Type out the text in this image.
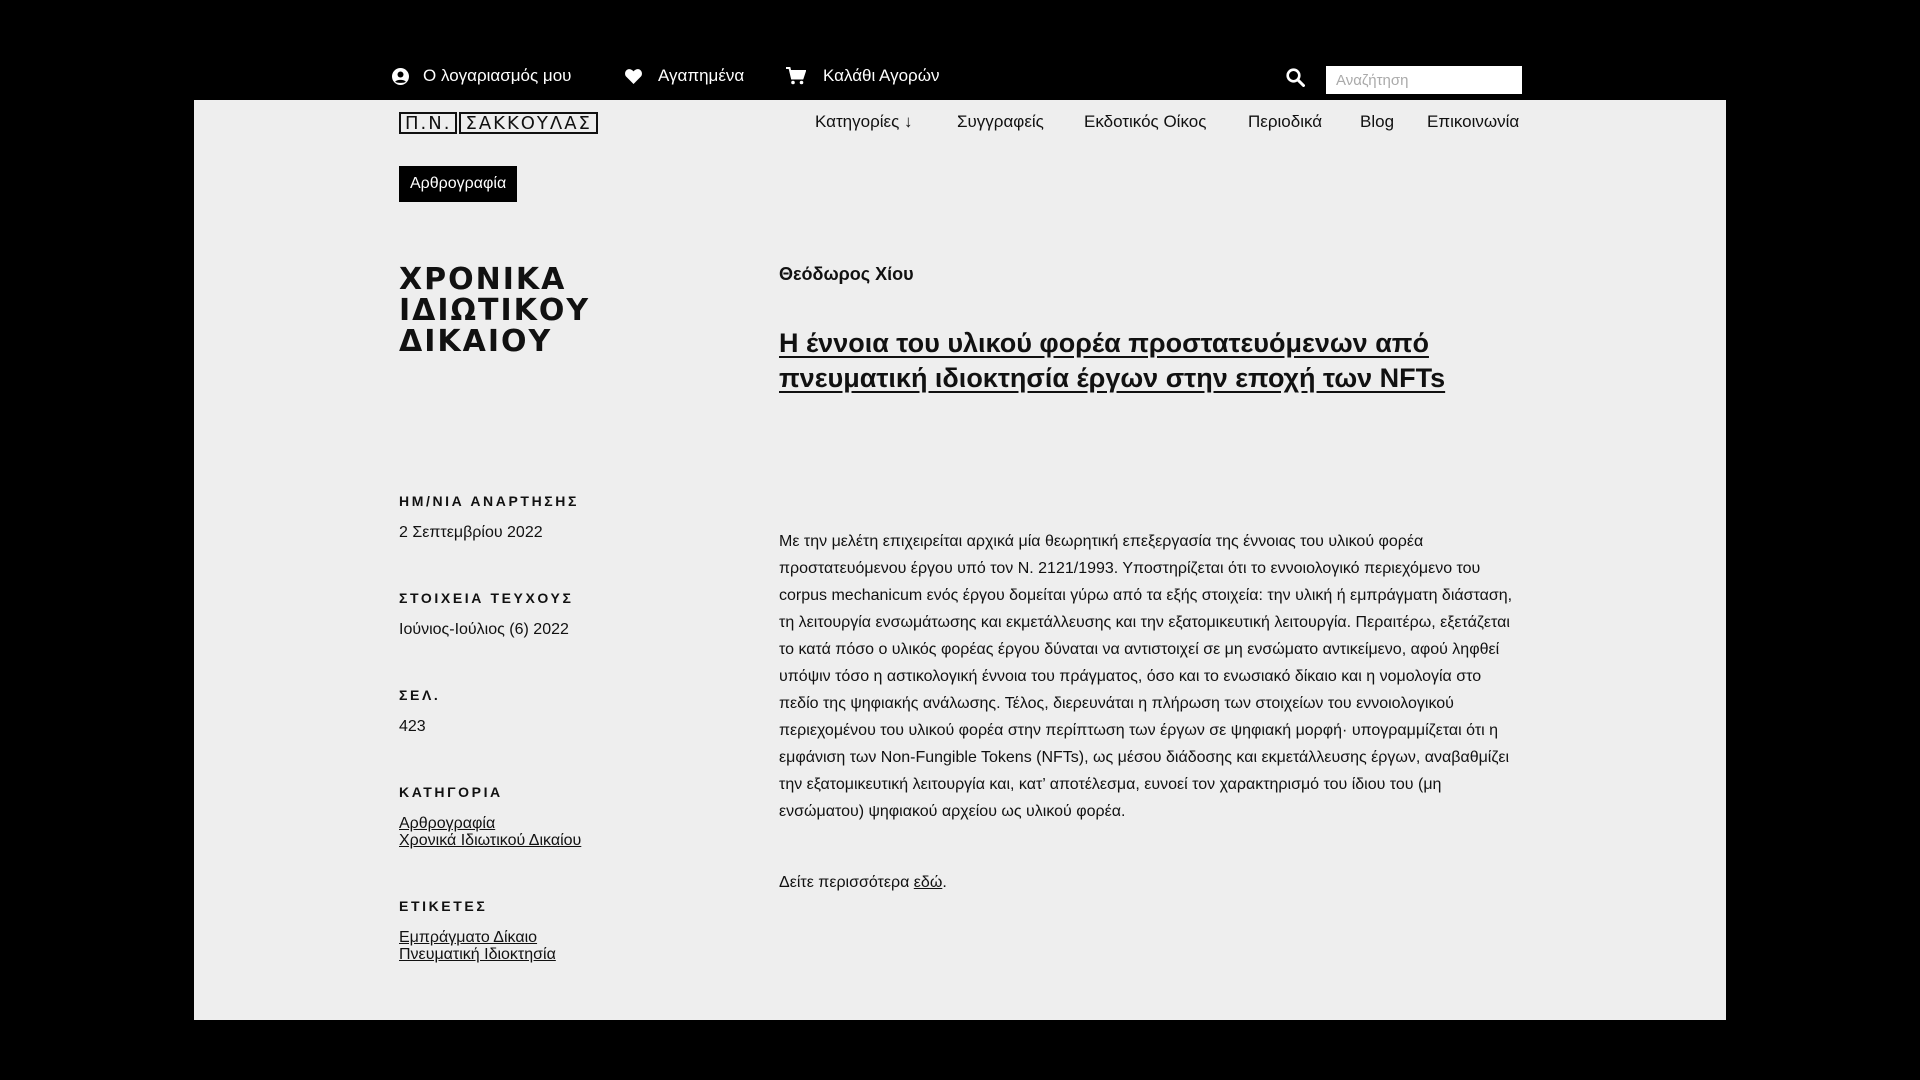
Ο λογαριασμός μου	Αγαπημένα	Καλάθι Αγορών
Αναζήτηση
Π.Ν. ΣΑΚΚΟΥΛΑΣ	Κατηγορίες ↓	Συγγραφείς Εκδοτικός Οίκος Περιοδικά Blog Επικοινωνία
Αρθρογραφία
ΧΡΟΝΙΚΑ
ΙΔΙΩΤΙΚΟΥ
ΔΙΚΑΙΟΥ
ΗΜ/ΝΙΑ ΑΝΑΡΤΗΣΗΣ
2 Σεπτεμβρίου 2022
ΣΤΟΙΧΕΙΑ ΤΕΥΧΟΥΣ
Ιούνιος-Ιούλιος (6) 2022
ΣΕΛ.
423
ΚΑΤΗΓΟΡΙΑ
Αρθρογραφία
Χρονικά Ιδιωτικού Δικαίου
ΕΤΙΚΕΤΕΣ
Εμπράγματο Δίκαιο
Πνευματική Ιδιοκτησία
Θεόδωρος Χίου
Η έννοια του υλικού φορέα προστατευόμενων από πνευματική ιδιοκτησία έργων στην εποχή των NFTs
Με την μελέτη επιχειρείται αρχικά μία θεωρητική επεξεργασία της έννοιας του υλικού φορέα προστατευόμενου έργου υπό τον Ν. 2121/1993. Υποστηρίζεται ότι το εννοιολογικό περιεχόμενο του corpus mechanicum ενός έργου δομείται γύρω από τα εξής στοιχεία: την υλική ή εμπράγματη διάσταση, τη λειτουργία ενσωμάτωσης και εκμετάλλευσης και την εξατομικευτική λειτουργία. Περαιτέρω, εξετάζεται το κατά πόσο ο υλικός φορέας έργου δύναται να αντιστοιχεί σε μη ενσώματο αντικείμενο, αφού ληφθεί υπόψιν τόσο η αστικολογική έννοια του πράγματος, όσο και το ενωσιακό δίκαιο και η νομολογία στο πεδίο της ψηφιακής ανάλωσης. Τέλος, διερευνάται η πλήρωση των στοιχείων του εννοιολογικού περιεχομένου του υλικού φορέα στην περίπτωση των έργων σε ψηφιακή μορφή· υπογραμμίζεται ότι η εμφάνιση των Non-Fungible Tokens (NFTs), ως μέσου διάδοσης και εκμετάλλευσης έργων, αναβαθμίζει την εξατομικευτική λειτουργία και, κατ’ αποτέλεσμα, ευνοεί τον χαρακτηρισμό του ίδιου του (μη ενσώματου) ψηφιακού αρχείου ως υλικού φορέα.
Δείτε περισσότερα εδώ.
